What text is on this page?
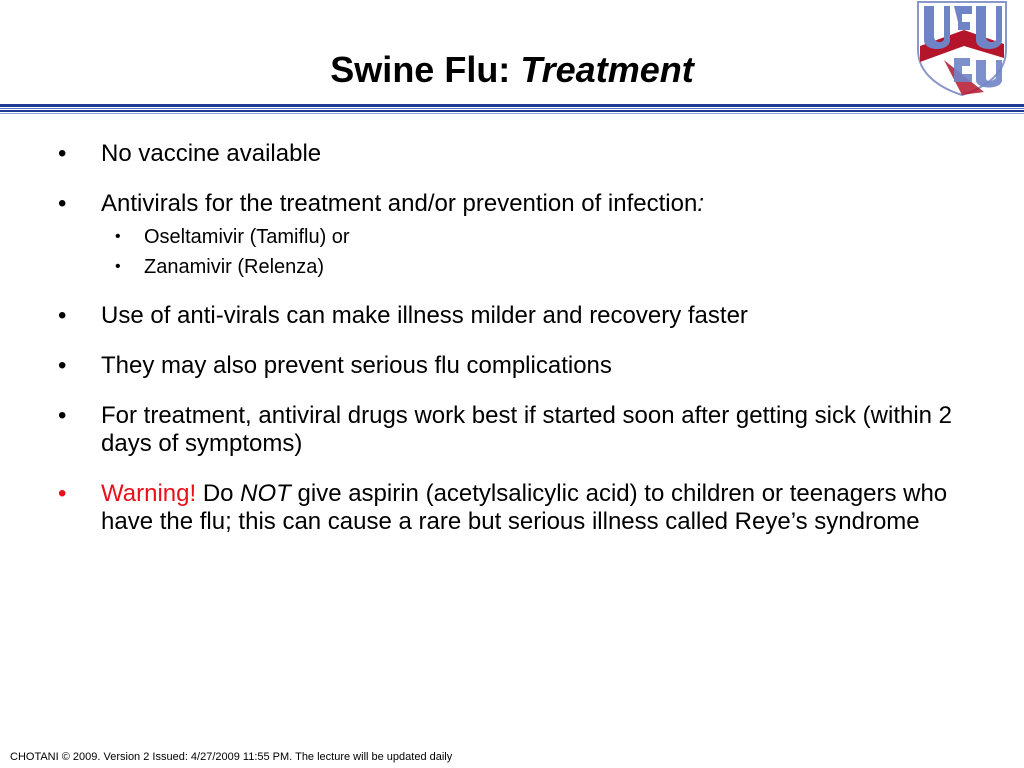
Swine Flu: Treatment
• No vaccine available
• Antivirals for the treatment and/or prevention of infection:
• Oseltamivir (Tamiflu) or
• Zanamivir (Relenza)
• Use of anti-virals can make illness milder and recovery faster
• They may also prevent serious flu complications
• For treatment, antiviral drugs work best if started soon after getting sick (within 2 days of symptoms)
• Warning! Do NOT give aspirin (acetylsalicylic acid) to children or teenagers who have the flu; this can cause a rare but serious illness called Reye’s syndrome
CHOTANI © 2009. Version 2 Issued: 4/27/2009 11:55 PM. The lecture will be updated daily
